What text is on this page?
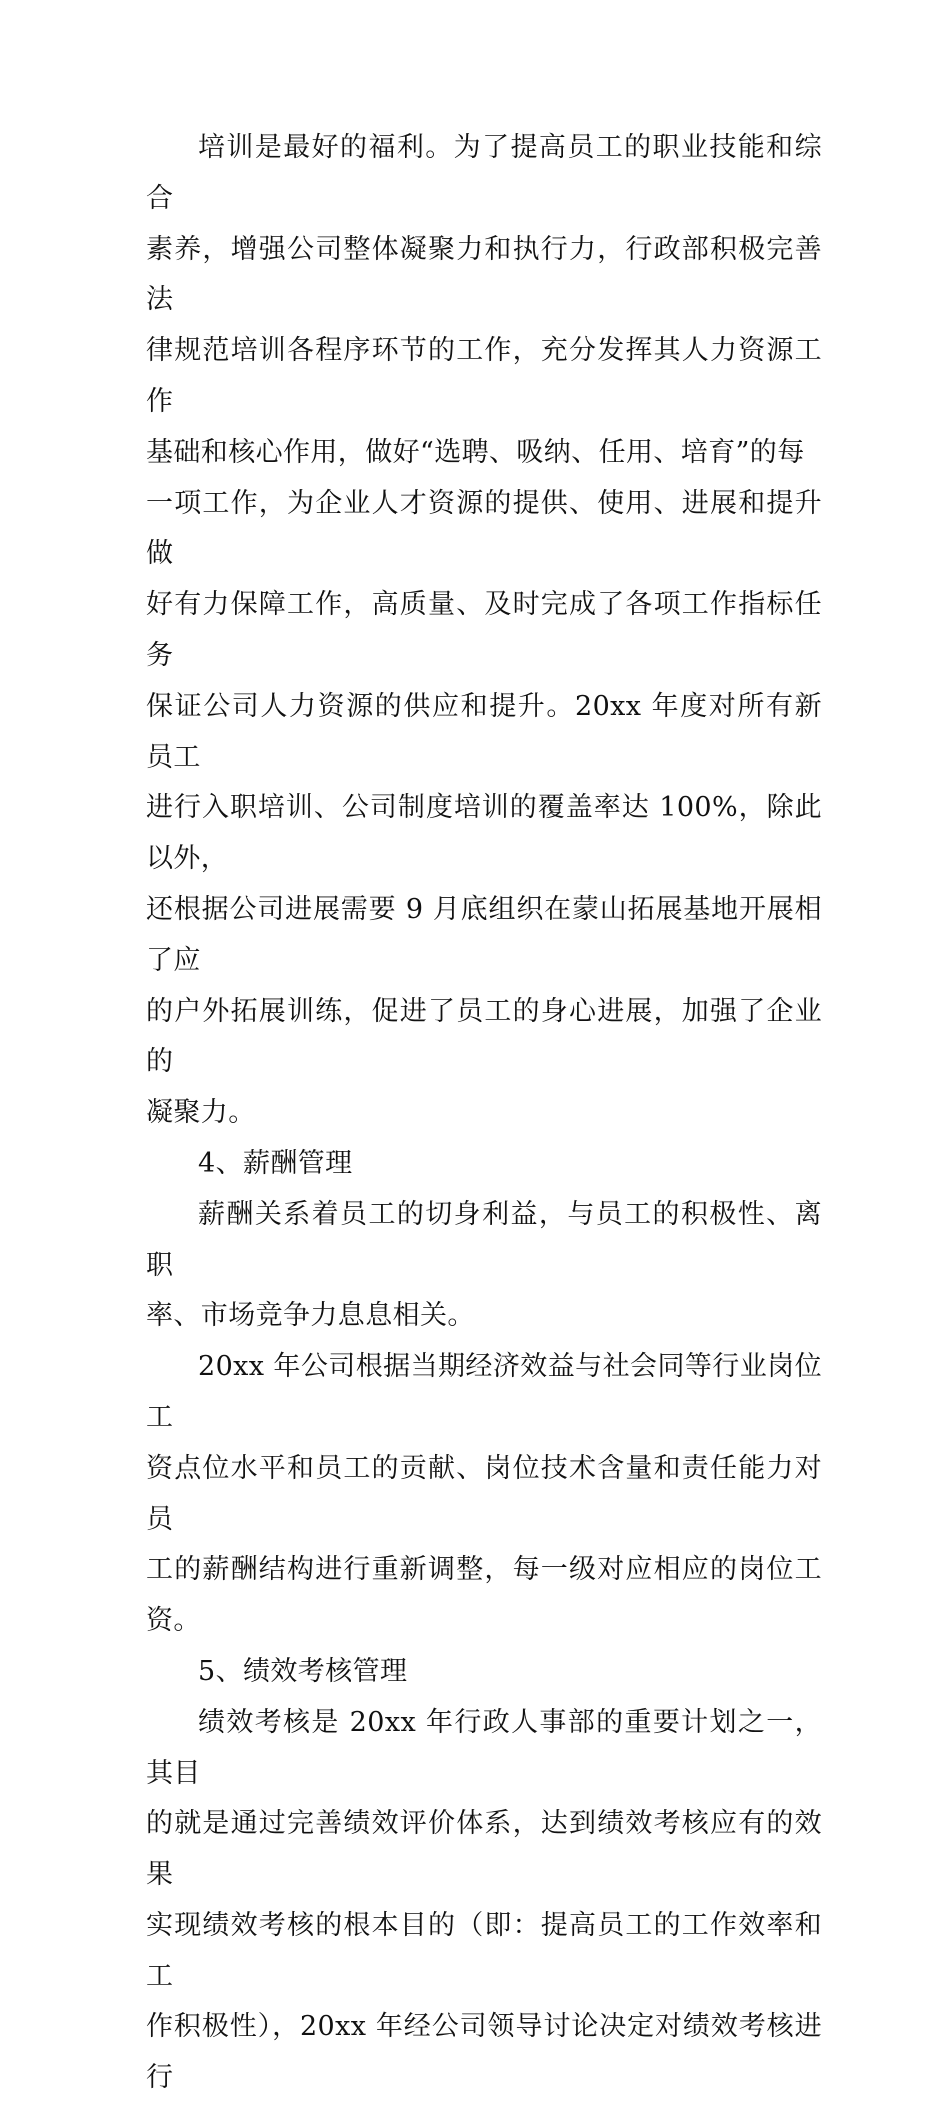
培训是最好的福利。为了提高员工的职业技能和综合
素养，增强公司整体凝聚力和执行力，行政部积极完善法
律规范培训各程序环节的工作，充分发挥其人力资源工作
基础和核心作用，做好“选聘、吸纳、任用、培育”的每
一项工作，为企业人才资源的提供、使用、进展和提升做
好有力保障工作，高质量、及时完成了各项工作指标任务
保证公司人力资源的供应和提升。20xx 年度对所有新员工
进行入职培训、公司制度培训的覆盖率达 100%，除此以外，
还根据公司进展需要 9 月底组织在蒙山拓展基地开展相了应
的户外拓展训练，促进了员工的身心进展，加强了企业的
凝聚力。

4、薪酬管理

薪酬关系着员工的切身利益，与员工的积极性、离职
率、市场竞争力息息相关。

20xx 年公司根据当期经济效益与社会同等行业岗位工
资点位水平和员工的贡献、岗位技术含量和责任能力对员
工的薪酬结构进行重新调整，每一级对应相应的岗位工资。

5、绩效考核管理

绩效考核是 20xx 年行政人事部的重要计划之一，其目
的就是通过完善绩效评价体系，达到绩效考核应有的效果
实现绩效考核的根本目的（即：提高员工的工作效率和工
作积极性），20xx 年经公司领导讨论决定对绩效考核进行
